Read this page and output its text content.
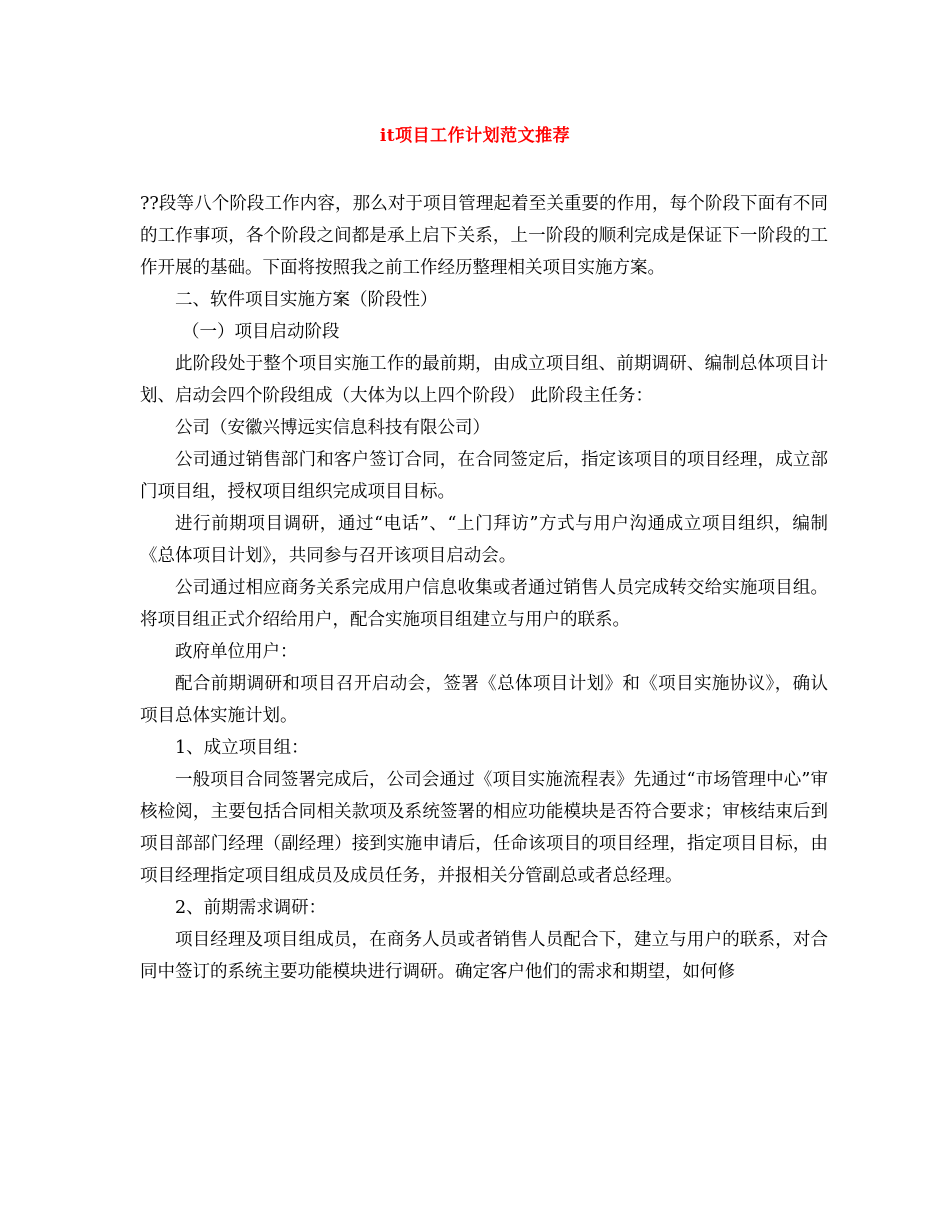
it项目工作计划范文推荐

??段等八个阶段工作内容，那么对于项目管理起着至关重要的作用，每个阶段下面有不同的工作事项，各个阶段之间都是承上启下关系，上一阶段的顺利完成是保证下一阶段的工作开展的基础。下面将按照我之前工作经历整理相关项目实施方案。

二、软件项目实施方案（阶段性）

（一）项目启动阶段

此阶段处于整个项目实施工作的最前期，由成立项目组、前期调研、编制总体项目计划、启动会四个阶段组成（大体为以上四个阶段） 此阶段主任务：

公司（安徽兴博远实信息科技有限公司）

公司通过销售部门和客户签订合同，在合同签定后，指定该项目的项目经理，成立部门项目组，授权项目组织完成项目目标。

进行前期项目调研，通过“电话”、“上门拜访”方式与用户沟通成立项目组织，编制《总体项目计划》，共同参与召开该项目启动会。

公司通过相应商务关系完成用户信息收集或者通过销售人员完成转交给实施项目组。将项目组正式介绍给用户，配合实施项目组建立与用户的联系。

政府单位用户：

配合前期调研和项目召开启动会，签署《总体项目计划》和《项目实施协议》，确认项目总体实施计划。

1、成立项目组：

一般项目合同签署完成后，公司会通过《项目实施流程表》先通过“市场管理中心”审核检阅，主要包括合同相关款项及系统签署的相应功能模块是否符合要求；审核结束后到项目部部门经理（副经理）接到实施申请后，任命该项目的项目经理，指定项目目标，由项目经理指定项目组成员及成员任务，并报相关分管副总或者总经理。

2、前期需求调研：

项目经理及项目组成员，在商务人员或者销售人员配合下，建立与用户的联系，对合同中签订的系统主要功能模块进行调研。确定客户他们的需求和期望，如何修
